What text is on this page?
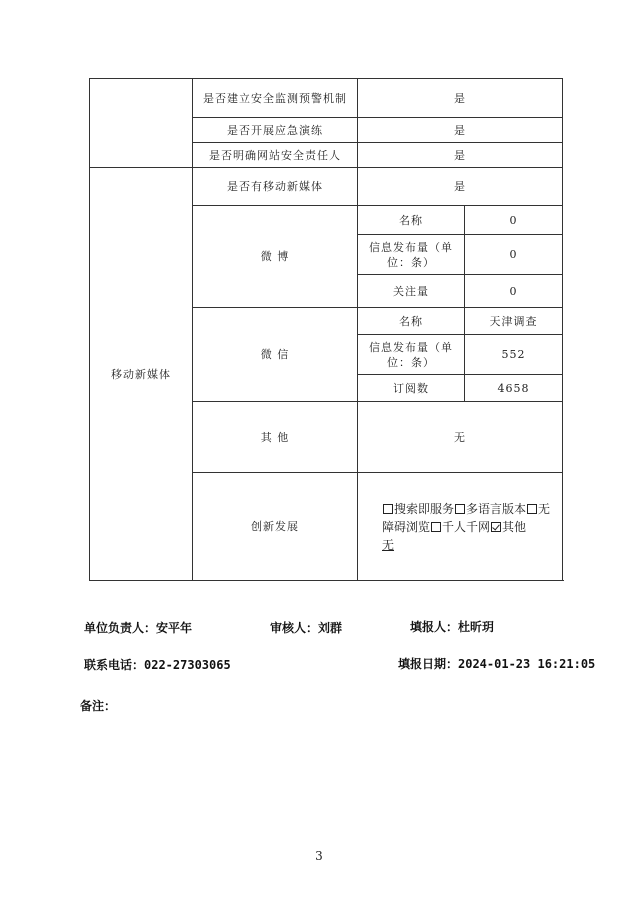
	是否建立安全监测预警机制	是	
	是否开展应急演练	是	
	是否明确网站安全责任人	是	
移动新媒体	是否有移动新媒体	是	
	微 博	名称	0
		信息发布量（单位：条）	0
		关注量	0
	微 信	名称	天津调查
		信息发布量（单位：条）	552
		订阅数	4658
	其 他	无	
	创新发展	搜索即服务 多语言版本 无障碍浏览 千人千网 其他
无	
单位负责人：安平年	审核人：刘群	填报人：杜昕玥
联系电话：022-27303065	填报日期：2024-01-23 16:21:05
备注：
3
